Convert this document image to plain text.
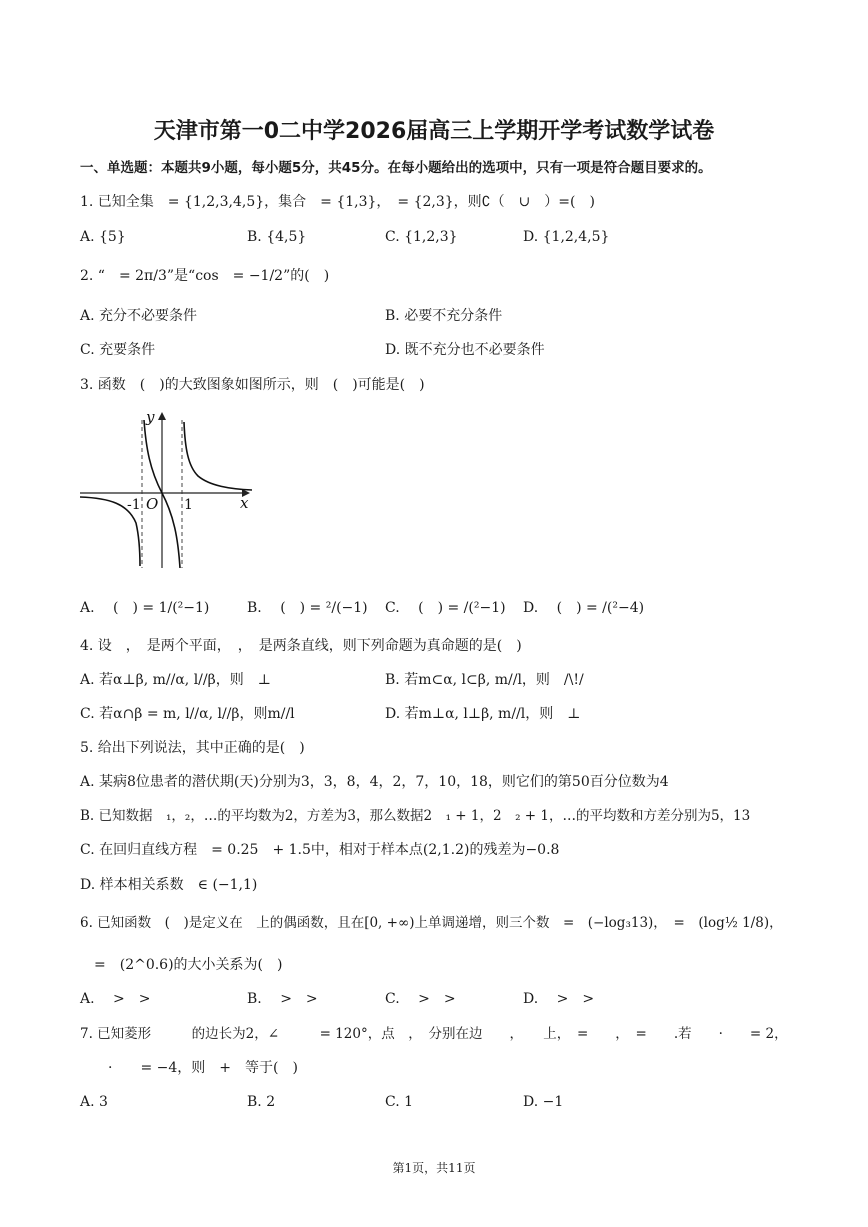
天津市第一0二中学2026届高三上学期开学考试数学试卷
一、单选题：本题共9小题，每小题5分，共45分。在每小题给出的选项中，只有一项是符合题目要求的。
1. 已知全集　= {1,2,3,4,5}，集合　= {1,3}，　= {2,3}，则∁（　∪　）=(　)
A. {5}	B. {4,5}	C. {1,2,3}	D. {1,2,4,5}
2. “　= 2π/3”是“cos　= −1/2”的(　)
A. 充分不必要条件	B. 必要不充分条件
C. 充要条件	D. 既不充分也不必要条件
3. 函数　(　)的大致图象如图所示，则　(　)可能是(　)
y
x
O
-1	1
A. 　(　) = 1/(²−1)	B. 　(　) = ²/(−1) C. 　(　) = /(²−1) D. 　(　) = /(²−4)
4. 设　，　是两个平面，　，　是两条直线，则下列命题为真命题的是(　)
A. 若α⊥β, m//α, l//β，则　⊥	B. 若m⊂α, l⊂β, m//l，则　/\!/
C. 若α∩β = m, l//α, l//β，则m//l	D. 若m⊥α, l⊥β, m//l，则　⊥
5. 给出下列说法，其中正确的是(　)
A. 某病8位患者的潜伏期(天)分别为3，3，8，4，2，7，10，18，则它们的第50百分位数为4
B. 已知数据　₁，₂，…的平均数为2，方差为3，那么数据2　₁ + 1，2　₂ + 1，…的平均数和方差分别为5，13
C. 在回归直线方程　= 0.25　+ 1.5中，相对于样本点(2,1.2)的残差为−0.8
D. 样本相关系数　∈ (−1,1)
6. 已知函数　(　)是定义在　上的偶函数，且在[0, +∞)上单调递增，则三个数　=　(−log₃13)，　=　(log½ 1/8)，
　=　(2^0.6)的大小关系为(　)
A. 　>　>	B. 　>　>	C. 　>　>	D. 　>　>
7. 已知菱形　　　的边长为2，∠　　　= 120°，点　，　分别在边　　，　　上，　=　　，　=　　.若　　·　　= 2，
　　·　　= −4，则　+　等于(　)
A. 3	B. 2	C. 1	D. −1
第1页，共11页
